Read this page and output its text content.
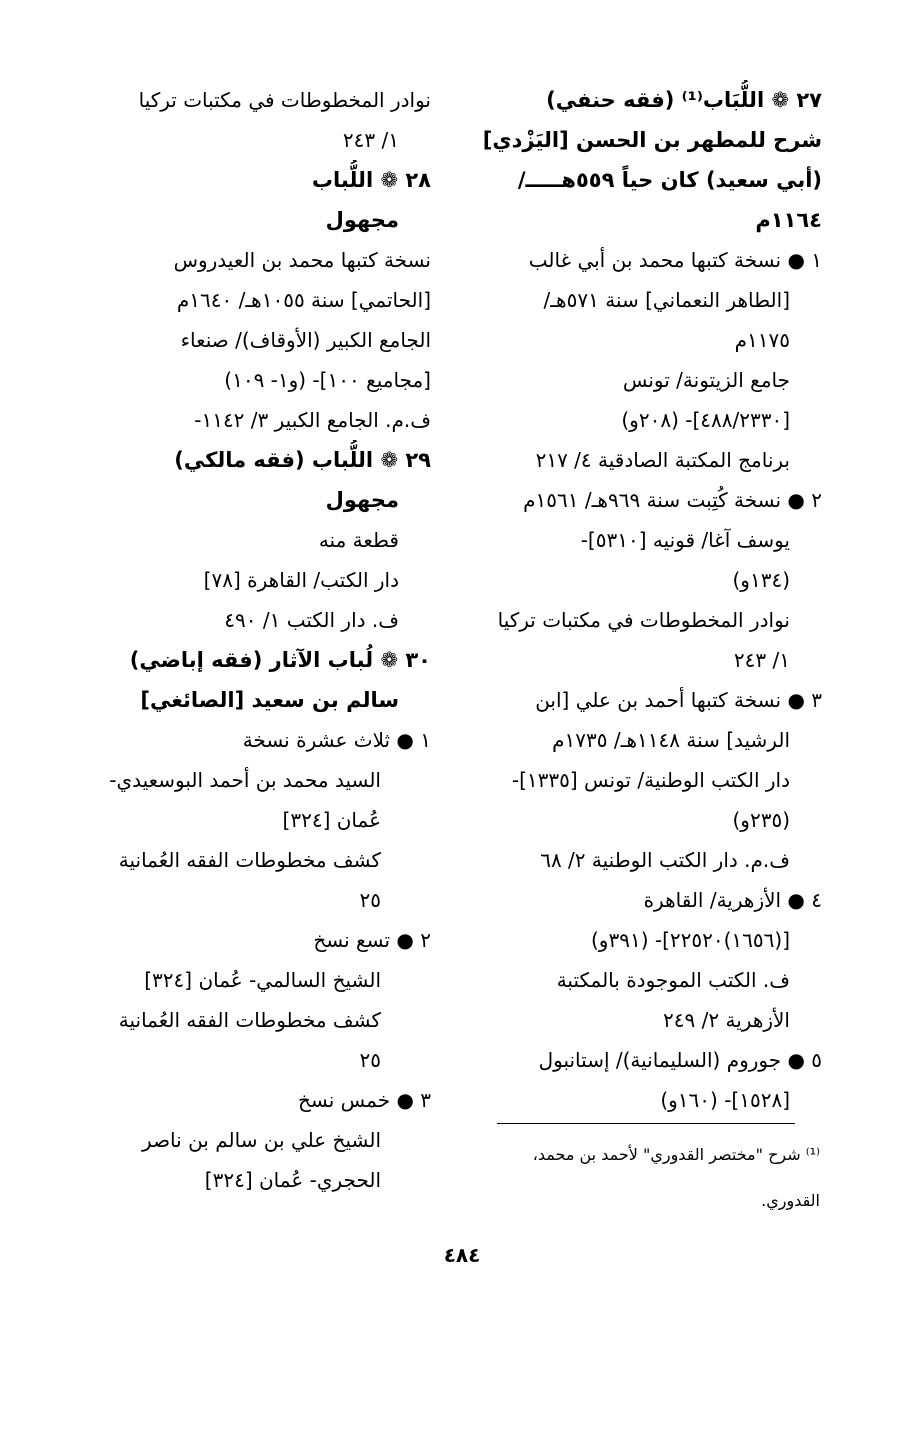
٢٧ ❁ اللُّبَاب⁽¹⁾ (فقه حنفي)
شرح للمطهر بن الحسن [اليَزْدي]
(أبي سعيد) كان حياً ٥٥٩هـــــ/
١١٦٤م
١ ● نسخة كتبها محمد بن أبي غالب
[الطاهر النعماني] سنة ٥٧١هـ/
١١٧٥م
جامع الزيتونة/ تونس
[٤٨٨/٢٣٣٠]- (٢٠٨و)
برنامج المكتبة الصادقية ٤/ ٢١٧
٢ ● نسخة كُتِبت سنة ٩٦٩هـ/ ١٥٦١م
يوسف آغا/ قونيه [٥٣١٠]-
(١٣٤و)
نوادر المخطوطات في مكتبات تركيا
١/ ٢٤٣
٣ ● نسخة كتبها أحمد بن علي [ابن
الرشيد] سنة ١١٤٨هـ/ ١٧٣٥م
دار الكتب الوطنية/ تونس [١٣٣٥]-
(٢٣٥و)
ف.م. دار الكتب الوطنية ٢/ ٦٨
٤ ● الأزهرية/ القاهرة
[(١٦٥٦)٢٢٥٢٠]- (٣٩١و)
ف. الكتب الموجودة بالمكتبة
الأزهرية ٢/ ٢٤٩
٥ ● جوروم (السليمانية)/ إستانبول
[١٥٢٨]- (١٦٠و)
نوادر المخطوطات في مكتبات تركيا
١/ ٢٤٣
٢٨ ❁ اللُّباب
مجهول
نسخة كتبها محمد بن العيدروس
[الحاتمي] سنة ١٠٥٥هـ/ ١٦٤٠م
الجامع الكبير (الأوقاف)/ صنعاء
[مجاميع ١٠٠]- (و١- ١٠٩)
ف.م. الجامع الكبير ٣/ ١١٤٢-
٢٩ ❁ اللُّباب (فقه مالكي)
مجهول
قطعة منه
دار الكتب/ القاهرة [٧٨]
ف. دار الكتب ١/ ٤٩٠
٣٠ ❁ لُباب الآثار (فقه إباضي)
سالم بن سعيد [الصائغي]
١ ● ثلاث عشرة نسخة
السيد محمد بن أحمد البوسعيدي-
عُمان [٣٢٤]
كشف مخطوطات الفقه العُمانية
٢٥
٢ ● تسع نسخ
الشيخ السالمي- عُمان [٣٢٤]
كشف مخطوطات الفقه العُمانية
٢٥
٣ ● خمس نسخ
الشيخ علي بن سالم بن ناصر
الحجري- عُمان [٣٢٤]
⁽¹⁾ شرح "مختصر القدوري" لأحمد بن محمد،
القدوري.
٤٨٤
